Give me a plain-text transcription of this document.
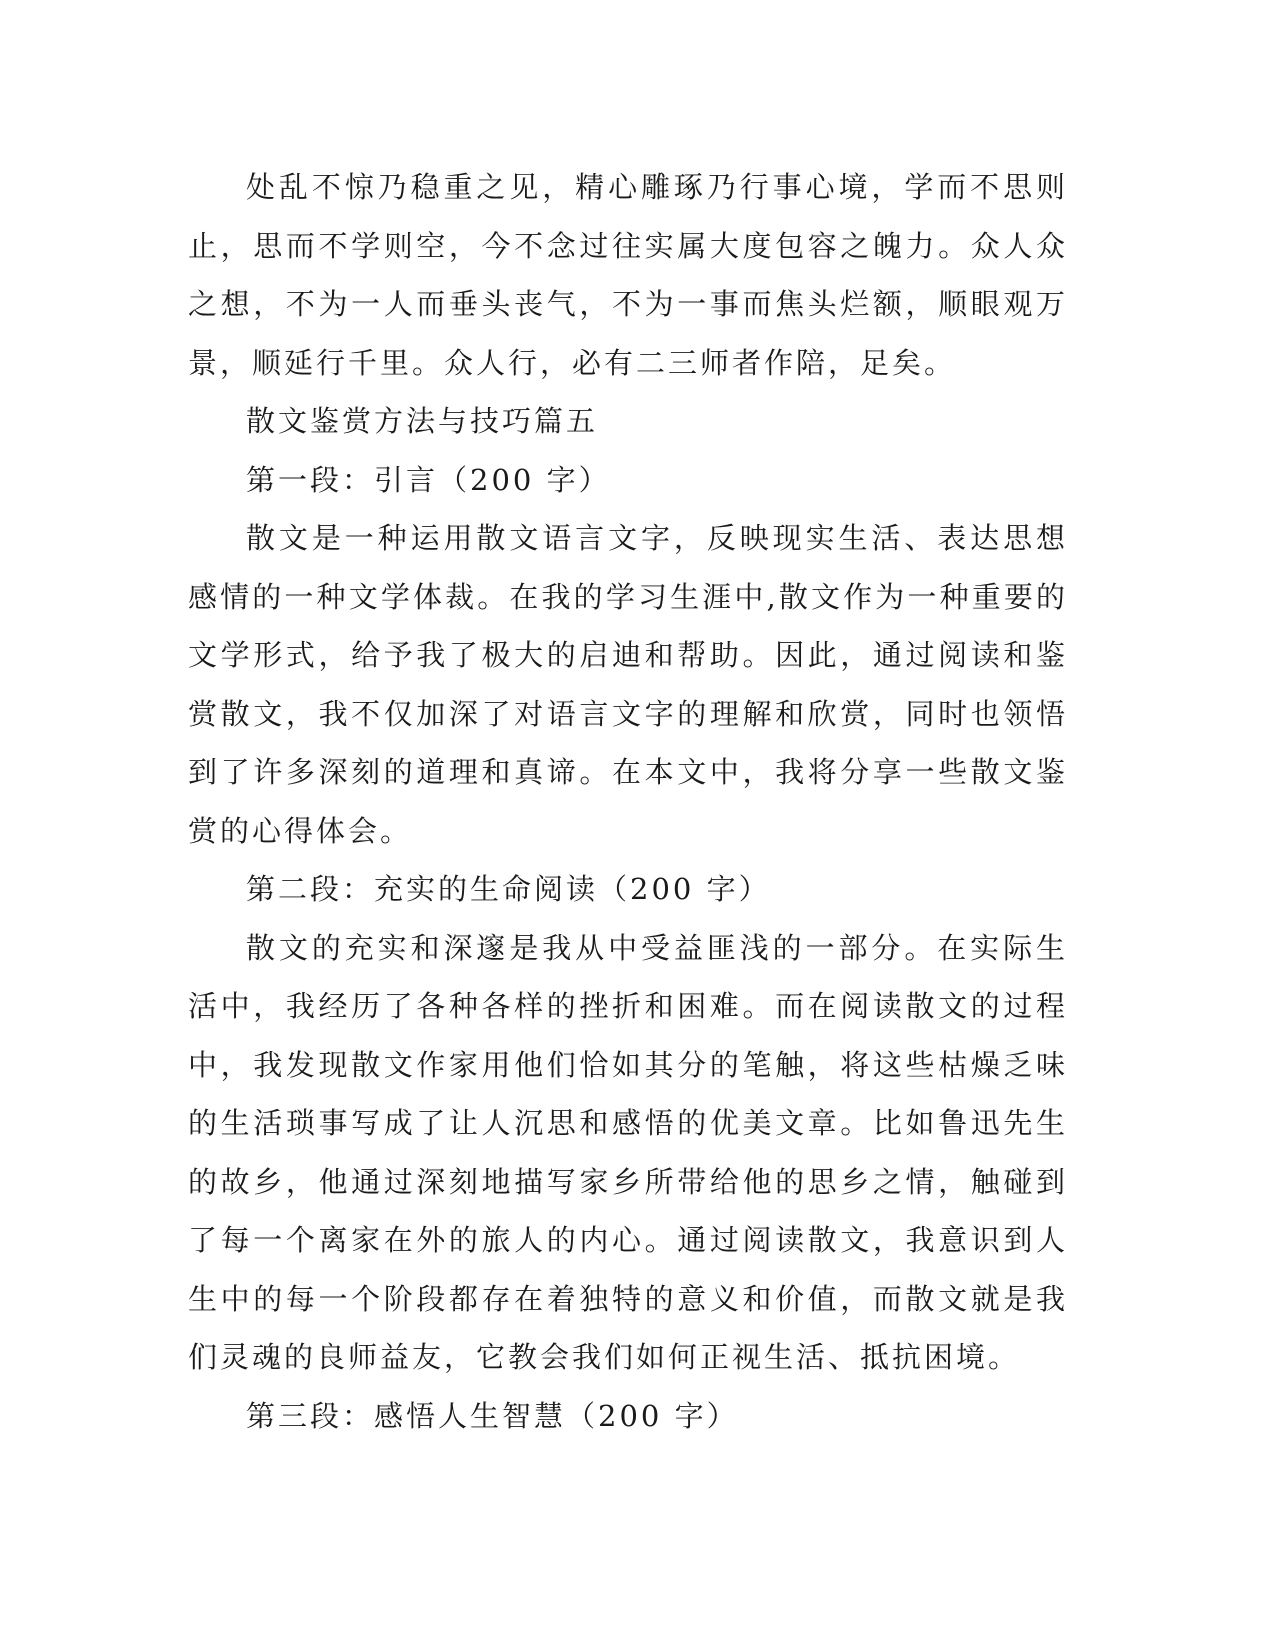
处乱不惊乃稳重之见，精心雕琢乃行事心境，学而不思则止，思而不学则空，今不念过往实属大度包容之魄力。众人众之想，不为一人而垂头丧气，不为一事而焦头烂额，顺眼观万景，顺延行千里。众人行，必有二三师者作陪，足矣。

散文鉴赏方法与技巧篇五

第一段：引言（200 字）

散文是一种运用散文语言文字，反映现实生活、表达思想感情的一种文学体裁。在我的学习生涯中,散文作为一种重要的文学形式，给予我了极大的启迪和帮助。因此，通过阅读和鉴赏散文，我不仅加深了对语言文字的理解和欣赏，同时也领悟到了许多深刻的道理和真谛。在本文中，我将分享一些散文鉴赏的心得体会。

第二段：充实的生命阅读（200 字）

散文的充实和深邃是我从中受益匪浅的一部分。在实际生活中，我经历了各种各样的挫折和困难。而在阅读散文的过程中，我发现散文作家用他们恰如其分的笔触，将这些枯燥乏味的生活琐事写成了让人沉思和感悟的优美文章。比如鲁迅先生的故乡，他通过深刻地描写家乡所带给他的思乡之情，触碰到了每一个离家在外的旅人的内心。通过阅读散文，我意识到人生中的每一个阶段都存在着独特的意义和价值，而散文就是我们灵魂的良师益友，它教会我们如何正视生活、抵抗困境。

第三段：感悟人生智慧（200 字）
